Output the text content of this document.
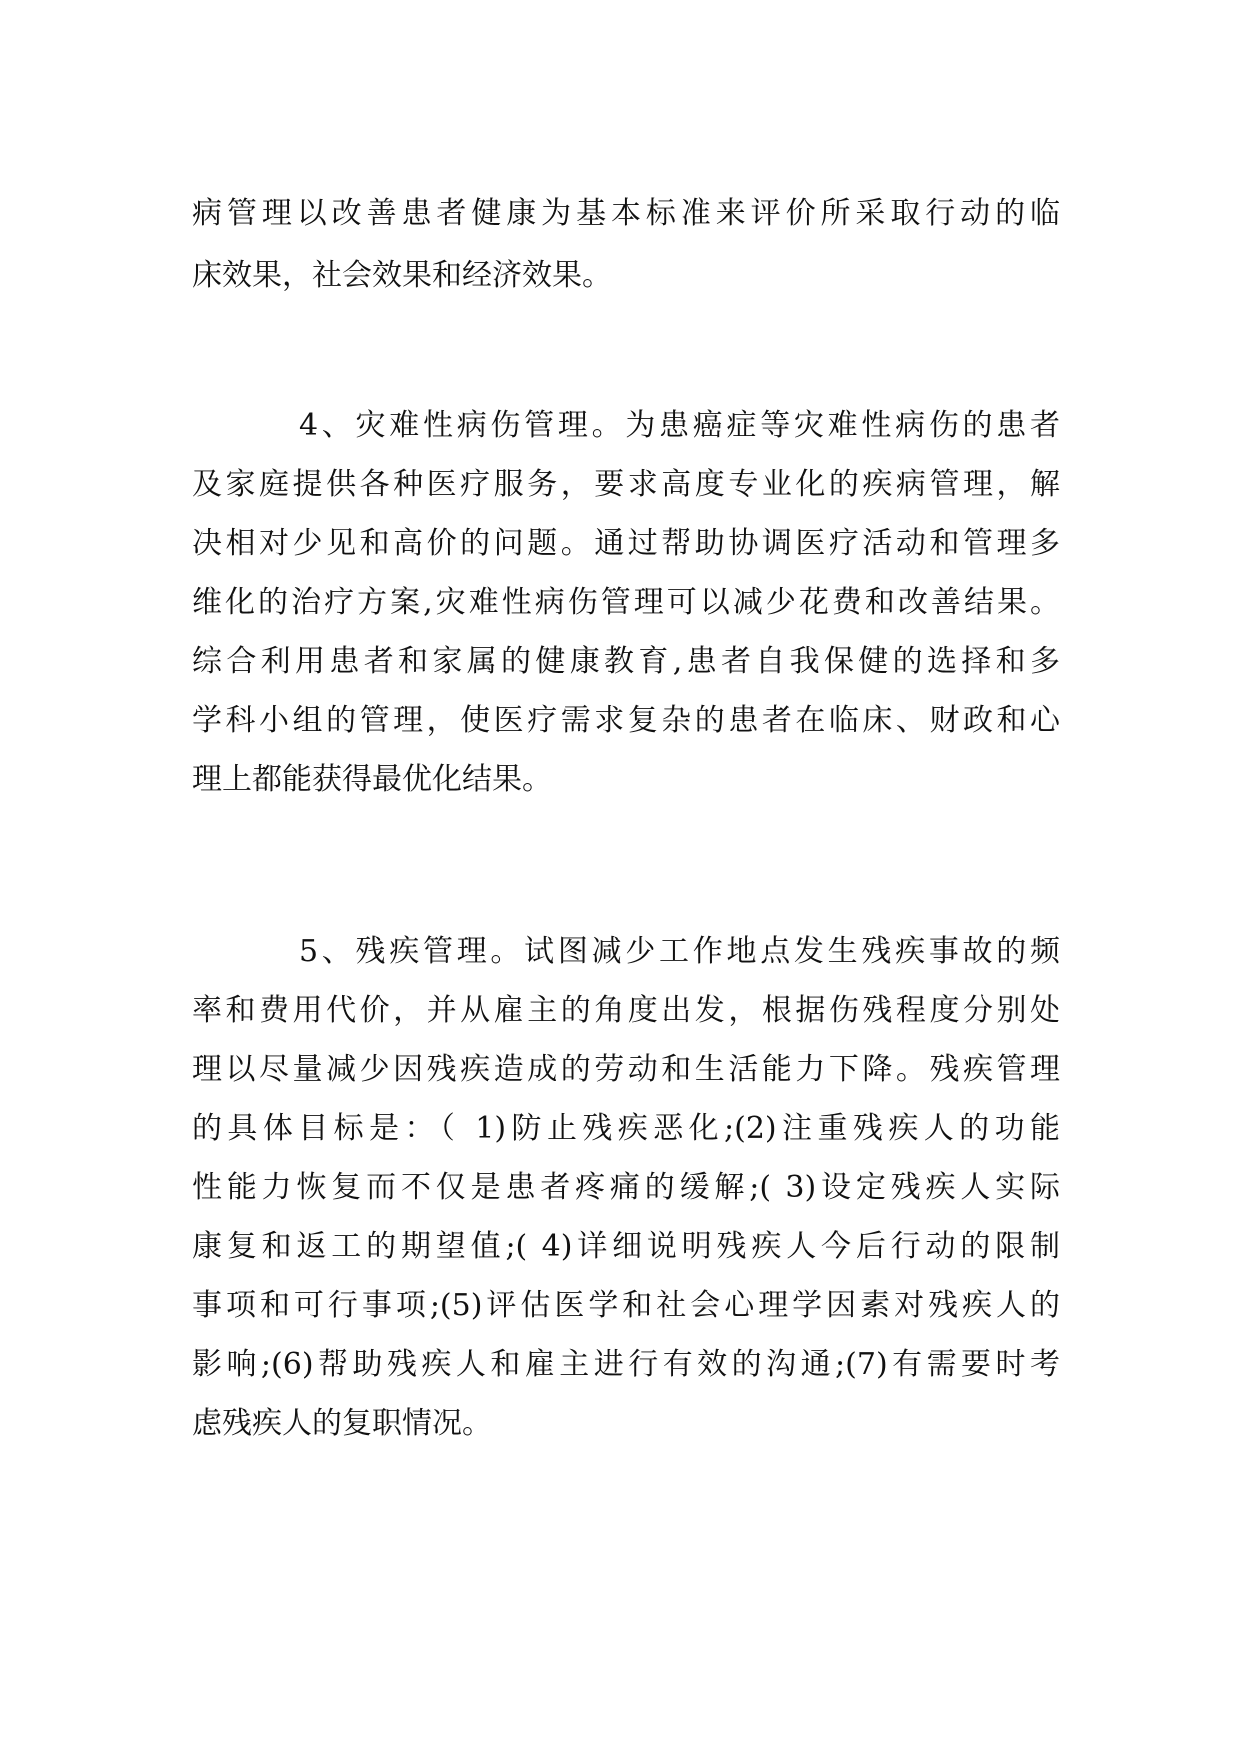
病管理以改善患者健康为基本标准来评价所采取行动的临
床效果，社会效果和经济效果。
4、灾难性病伤管理。为患癌症等灾难性病伤的患者
及家庭提供各种医疗服务，要求高度专业化的疾病管理，解
决相对少见和高价的问题。通过帮助协调医疗活动和管理多
维化的治疗方案,灾难性病伤管理可以减少花费和改善结果。
综合利用患者和家属的健康教育,患者自我保健的选择和多
学科小组的管理，使医疗需求复杂的患者在临床、财政和心
理上都能获得最优化结果。
5、残疾管理。试图减少工作地点发生残疾事故的频
率和费用代价，并从雇主的角度出发，根据伤残程度分别处
理以尽量减少因残疾造成的劳动和生活能力下降。残疾管理
的具体目标是：（ 1)防止残疾恶化;(2)注重残疾人的功能
性能力恢复而不仅是患者疼痛的缓解;( 3)设定残疾人实际
康复和返工的期望值;( 4)详细说明残疾人今后行动的限制
事项和可行事项;(5)评估医学和社会心理学因素对残疾人的
影响;(6)帮助残疾人和雇主进行有效的沟通;(7)有需要时考
虑残疾人的复职情况。
